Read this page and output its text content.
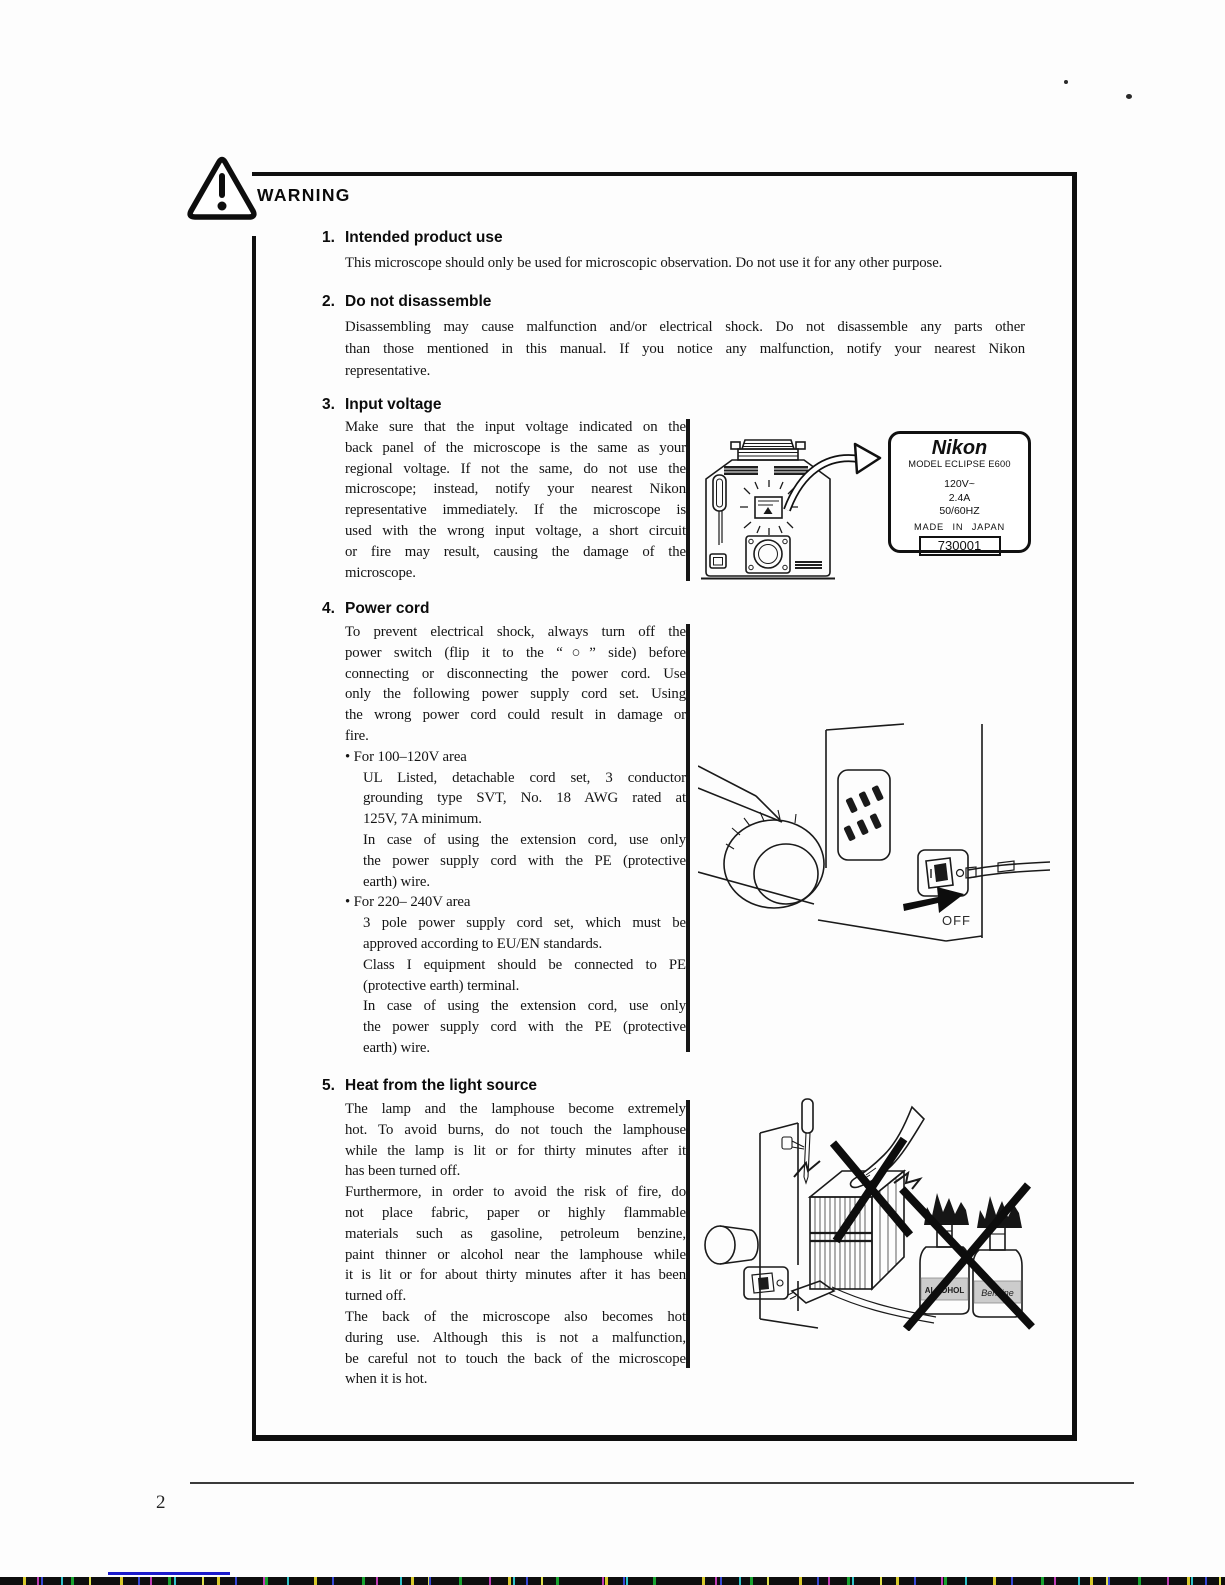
WARNING
1. Intended product use
This microscope should only be used for microscopic observation. Do not use it for any other purpose.
2. Do not disassemble
Disassembling may cause malfunction and/or electrical shock. Do not disassemble any parts other
than those mentioned in this manual. If you notice any malfunction, notify your nearest Nikon
representative.
3. Input voltage
Make sure that the input voltage indicated on the
back panel of the microscope is the same as your
regional voltage. If not the same, do not use the
microscope; instead, notify your nearest Nikon
representative immediately. If the microscope is
used with the wrong input voltage, a short circuit
or fire may result, causing the damage of the
microscope.
Nikon
MODEL ECLIPSE E600
120V~
2.4A
50/60HZ
MADE IN JAPAN
730001
4. Power cord
To prevent electrical shock, always turn off the
power switch (flip it to the “○” side) before
connecting or disconnecting the power cord. Use
only the following power supply cord set. Using
the wrong power cord could result in damage or
fire.
• For 100–120V area
UL Listed, detachable cord set, 3 conductor
grounding type SVT, No. 18 AWG rated at
125V, 7A minimum.
In case of using the extension cord, use only
the power supply cord with the PE (protective
earth) wire.
• For 220– 240V area
3 pole power supply cord set, which must be
approved according to EU/EN standards.
Class I equipment should be connected to PE
(protective earth) terminal.
In case of using the extension cord, use only
the power supply cord with the PE (protective
earth) wire.
OFF
5. Heat from the light source
The lamp and the lamphouse become extremely
hot. To avoid burns, do not touch the lamphouse
while the lamp is lit or for thirty minutes after it
has been turned off.
Furthermore, in order to avoid the risk of fire, do
not place fabric, paper or highly flammable
materials such as gasoline, petroleum benzine,
paint thinner or alcohol near the lamphouse while
it is lit or for about thirty minutes after it has been
turned off.
The back of the microscope also becomes hot
during use. Although this is not a malfunction,
be careful not to touch the back of the microscope
when it is hot.
ALCOHOL Benzine
2
